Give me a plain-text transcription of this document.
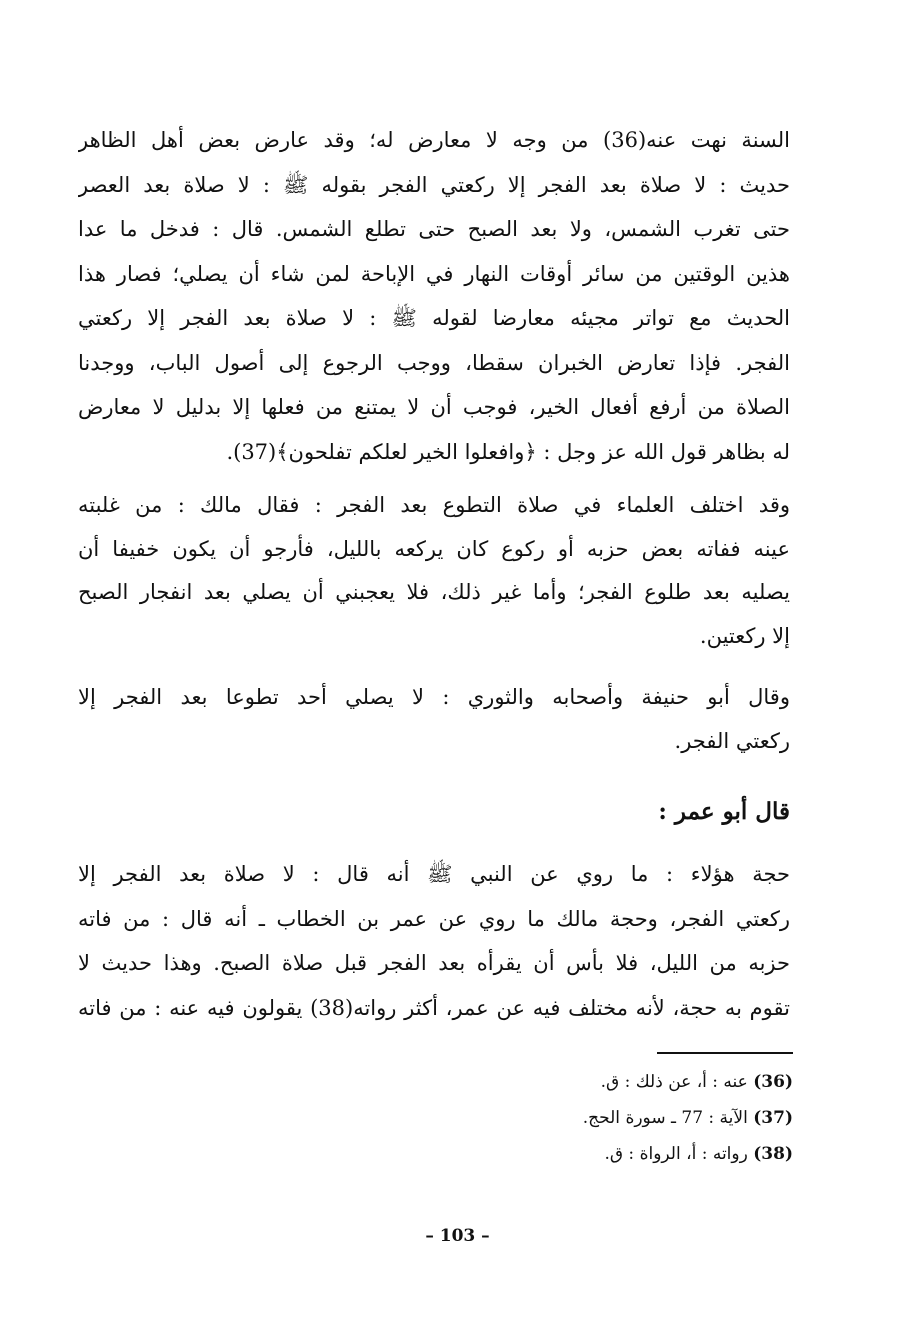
السنة نهت عنه(36) من وجه لا معارض له؛ وقد عارض بعض أهل الظاهر
حديث : لا صلاة بعد الفجر إلا ركعتي الفجر بقوله ﷺ : لا صلاة بعد العصر
حتى تغرب الشمس، ولا بعد الصبح حتى تطلع الشمس. قال : فدخل ما عدا
هذين الوقتين من سائر أوقات النهار في الإباحة لمن شاء أن يصلي؛ فصار هذا
الحديث مع تواتر مجيئه معارضا لقوله ﷺ : لا صلاة بعد الفجر إلا ركعتي
الفجر. فإذا تعارض الخبران سقطا، ووجب الرجوع إلى أصول الباب، ووجدنا
الصلاة من أرفع أفعال الخير، فوجب أن لا يمتنع من فعلها إلا بدليل لا معارض
له بظاهر قول الله عز وجل : ﴿وافعلوا الخير لعلكم تفلحون﴾(37).
وقد اختلف العلماء في صلاة التطوع بعد الفجر : فقال مالك : من غلبته
عينه ففاته بعض حزبه أو ركوع كان يركعه بالليل، فأرجو أن يكون خفيفا أن
يصليه بعد طلوع الفجر؛ وأما غير ذلك، فلا يعجبني أن يصلي بعد انفجار الصبح
إلا ركعتين.
وقال أبو حنيفة وأصحابه والثوري : لا يصلي أحد تطوعا بعد الفجر إلا
ركعتي الفجر.
قال أبو عمر :
حجة هؤلاء : ما روي عن النبي ﷺ أنه قال : لا صلاة بعد الفجر إلا
ركعتي الفجر، وحجة مالك ما روي عن عمر بن الخطاب ـ أنه قال : من فاته
حزبه من الليل، فلا بأس أن يقرأه بعد الفجر قبل صلاة الصبح. وهذا حديث لا
تقوم به حجة، لأنه مختلف فيه عن عمر، أكثر رواته(38) يقولون فيه عنه : من فاته
(36) عنه : أ، عن ذلك : ق.
(37) الآية : 77 ـ سورة الحج.
(38) رواته : أ، الرواة : ق.
– 103 –
